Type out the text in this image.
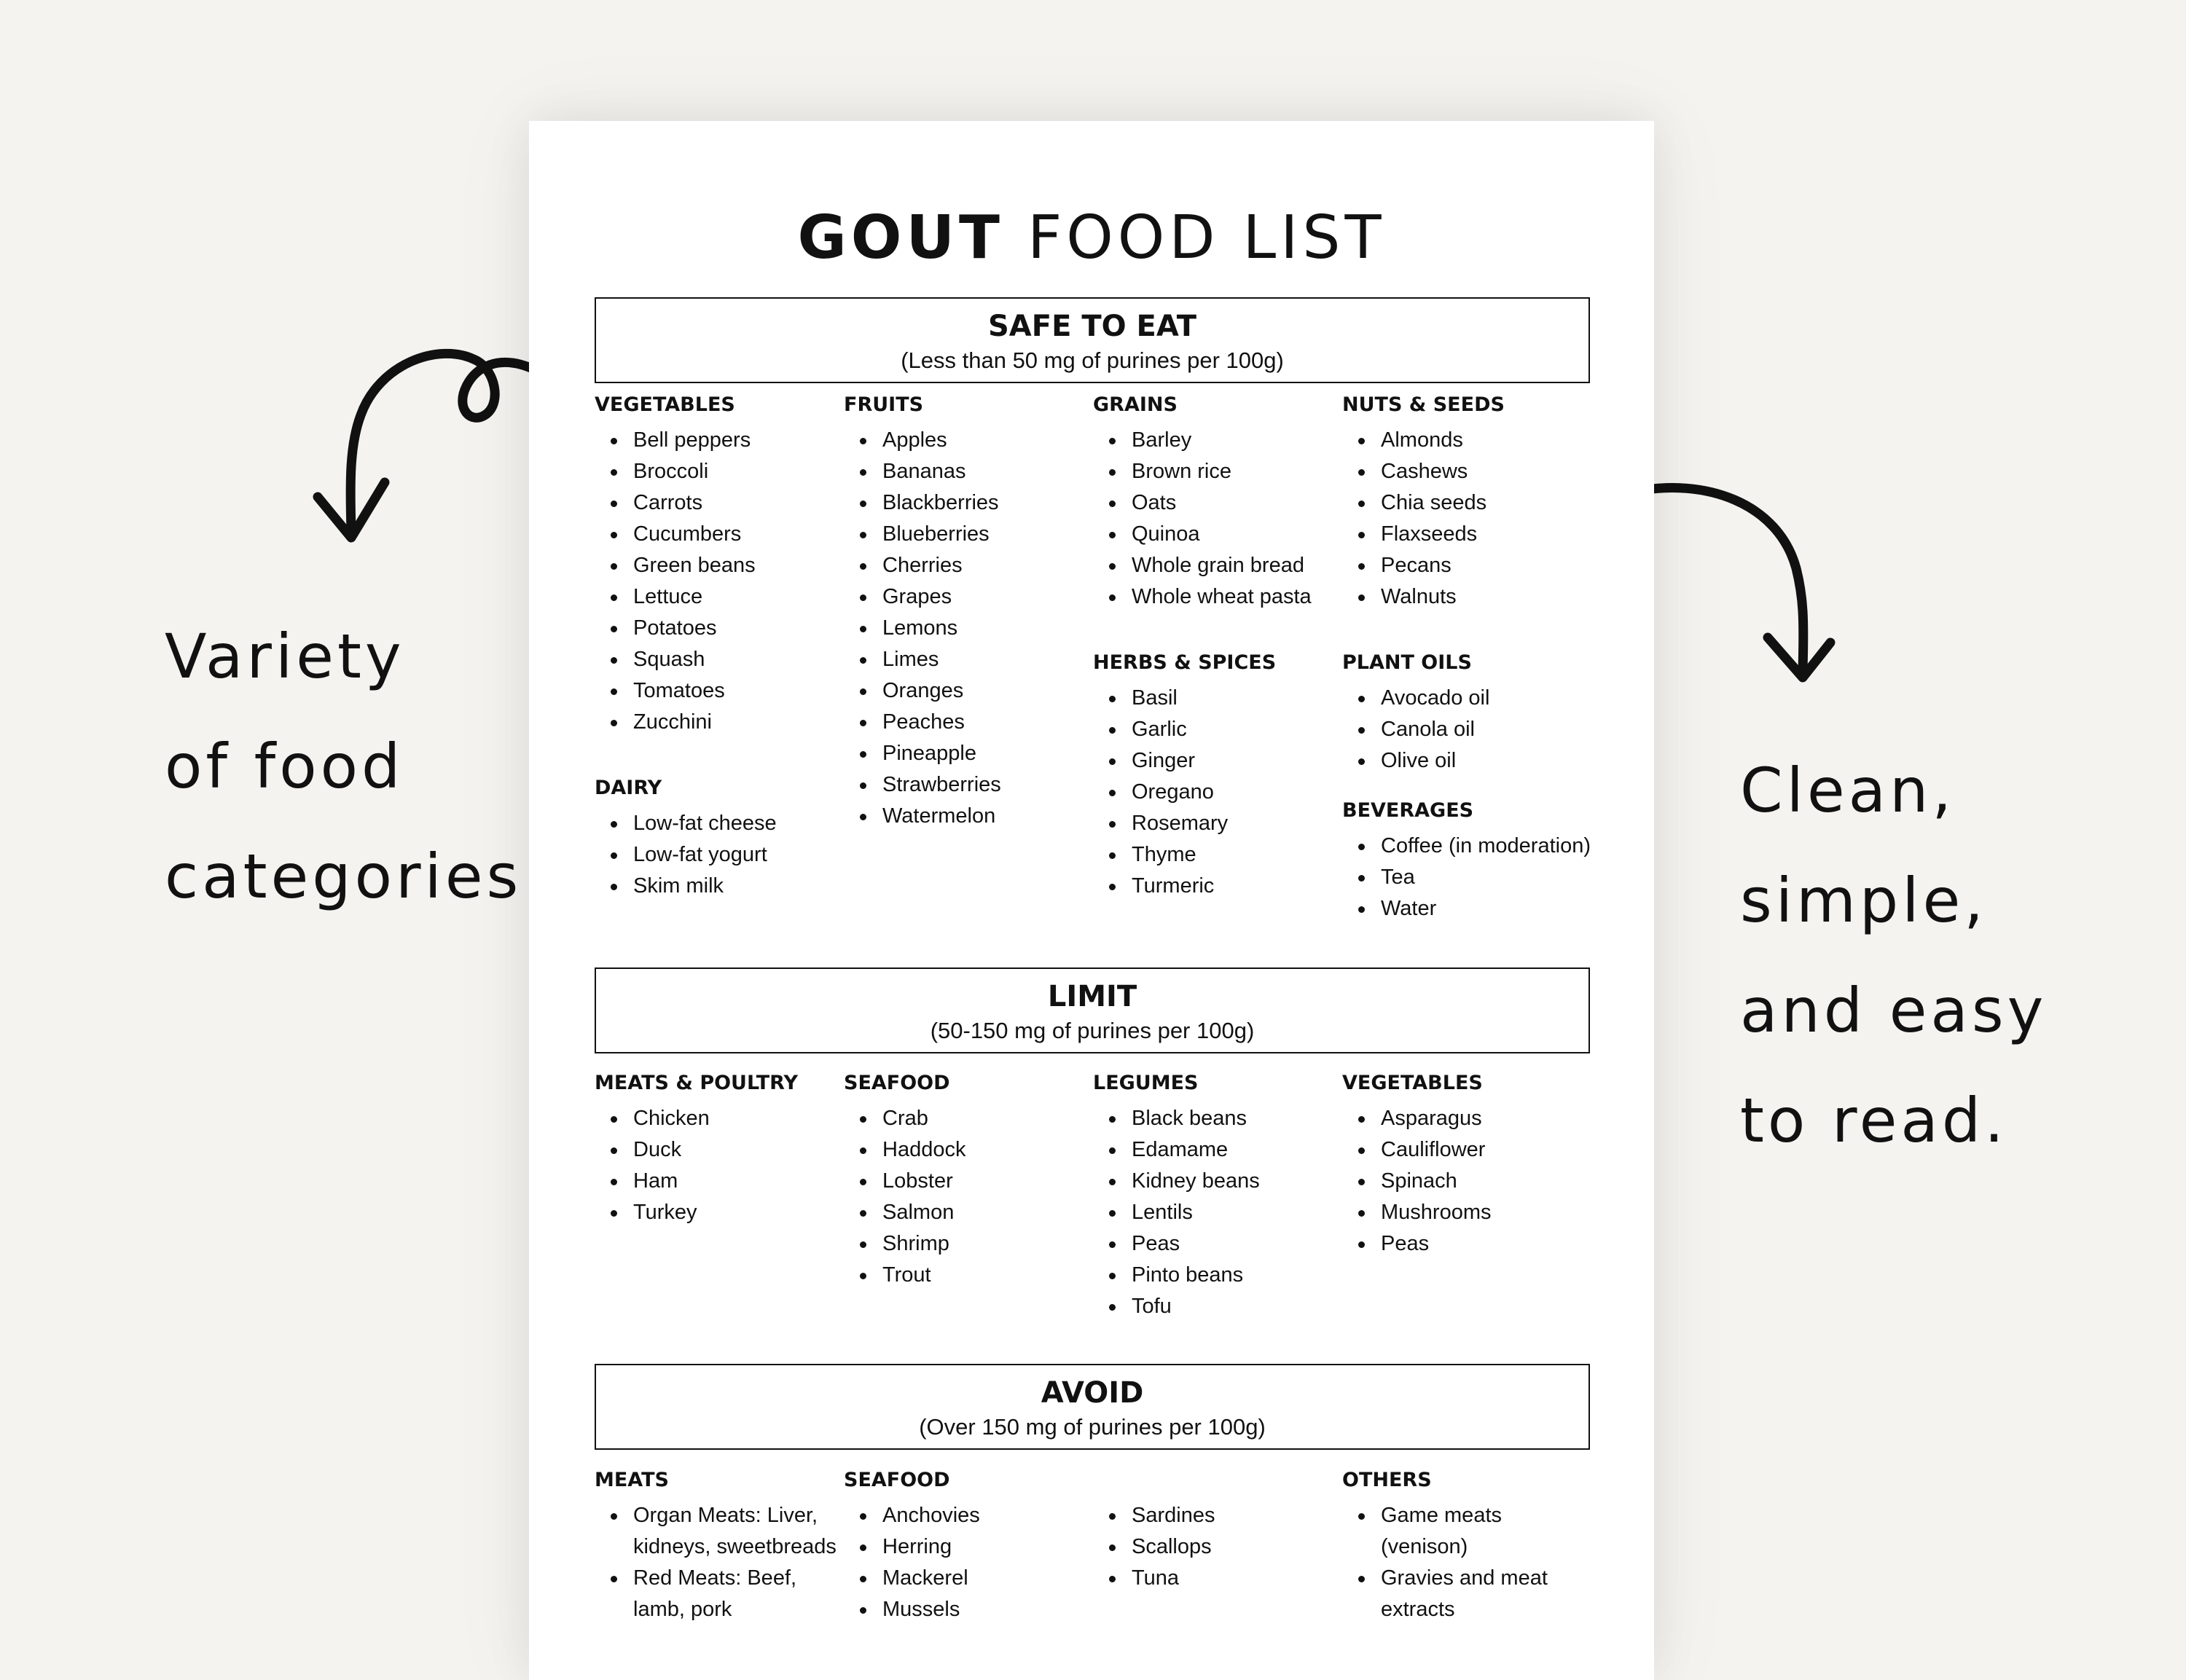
Variety
of food
categories
Clean,
simple,
and easy
to read.
GOUT FOOD LIST
SAFE TO EAT
(Less than 50 mg of purines per 100g)
VEGETABLES
Bell peppers
Broccoli
Carrots
Cucumbers
Green beans
Lettuce
Potatoes
Squash
Tomatoes
Zucchini
DAIRY
Low-fat cheese
Low-fat yogurt
Skim milk
FRUITS
Apples
Bananas
Blackberries
Blueberries
Cherries
Grapes
Lemons
Limes
Oranges
Peaches
Pineapple
Strawberries
Watermelon
GRAINS
Barley
Brown rice
Oats
Quinoa
Whole grain bread
Whole wheat pasta
HERBS & SPICES
Basil
Garlic
Ginger
Oregano
Rosemary
Thyme
Turmeric
NUTS & SEEDS
Almonds
Cashews
Chia seeds
Flaxseeds
Pecans
Walnuts
PLANT OILS
Avocado oil
Canola oil
Olive oil
BEVERAGES
Coffee (in moderation)
Tea
Water
LIMIT
(50-150 mg of purines per 100g)
MEATS & POULTRY
Chicken
Duck
Ham
Turkey
SEAFOOD
Crab
Haddock
Lobster
Salmon
Shrimp
Trout
LEGUMES
Black beans
Edamame
Kidney beans
Lentils
Peas
Pinto beans
Tofu
VEGETABLES
Asparagus
Cauliflower
Spinach
Mushrooms
Peas
AVOID
(Over 150 mg of purines per 100g)
MEATS
Organ Meats: Liver,
kidneys, sweetbreads
Red Meats: Beef,
lamb, pork
SEAFOOD
Anchovies
Herring
Mackerel
Mussels
Sardines
Scallops
Tuna
OTHERS
Game meats
(venison)
Gravies and meat
extracts
